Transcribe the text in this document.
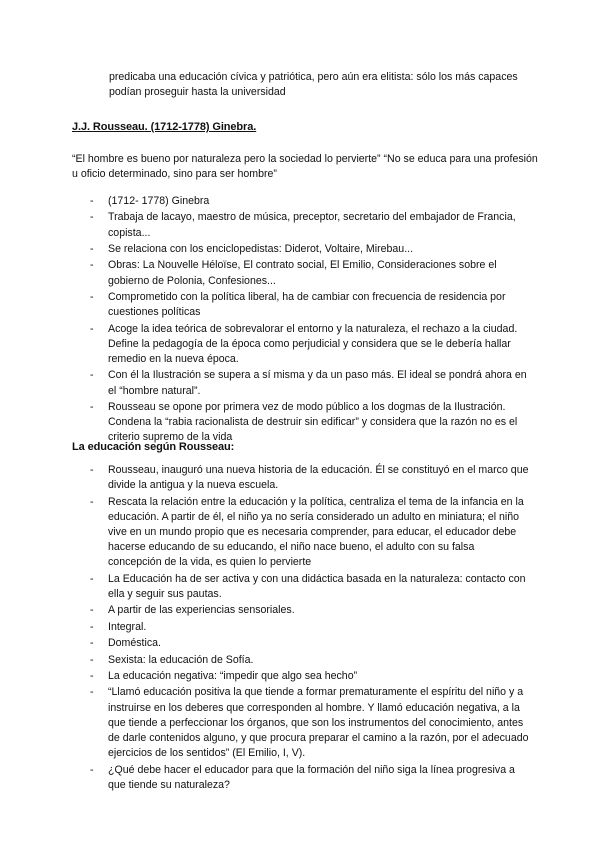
predicaba una educación cívica y patriótica, pero aún era elitista: sólo los más capaces podían proseguir hasta la universidad
J.J. Rousseau. (1712-1778) Ginebra.
“El hombre es bueno por naturaleza pero la sociedad lo pervierte” “No se educa para una profesión u oficio determinado, sino para ser hombre”
- (1712- 1778) Ginebra
- Trabaja de lacayo, maestro de música, preceptor, secretario del embajador de Francia, copista...
- Se relaciona con los enciclopedistas: Diderot, Voltaire, Mirebau...
- Obras: La Nouvelle Héloïse, El contrato social, El Emilio, Consideraciones sobre el gobierno de Polonia, Confesiones...
- Comprometido con la política liberal, ha de cambiar con frecuencia de residencia por cuestiones políticas
- Acoge la idea teórica de sobrevalorar el entorno y la naturaleza, el rechazo a la ciudad. Define la pedagogía de la época como perjudicial y considera que se le debería hallar remedio en la nueva época.
- Con él la Ilustración se supera a sí misma y da un paso más. El ideal se pondrá ahora en el “hombre natural”.
- Rousseau se opone por primera vez de modo público a los dogmas de la Ilustración. Condena la “rabia racionalista de destruir sin edificar” y considera que la razón no es el criterio supremo de la vida
La educación según Rousseau:
- Rousseau, inauguró una nueva historia de la educación. Él se constituyó en el marco que divide la antigua y la nueva escuela.
- Rescata la relación entre la educación y la política, centraliza el tema de la infancia en la educación. A partir de él, el niño ya no sería considerado un adulto en miniatura; el niño vive en un mundo propio que es necesaria comprender, para educar, el educador debe hacerse educando de su educando, el niño nace bueno, el adulto con su falsa concepción de la vida, es quien lo pervierte
- La Educación ha de ser activa y con una didáctica basada en la naturaleza: contacto con ella y seguir sus pautas.
- A partir de las experiencias sensoriales.
- Integral.
- Doméstica.
- Sexista: la educación de Sofía.
- La educación negativa: “impedir que algo sea hecho”
- “Llamó educación positiva la que tiende a formar prematuramente el espíritu del niño y a instruirse en los deberes que corresponden al hombre. Y llamó educación negativa, a la que tiende a perfeccionar los órganos, que son los instrumentos del conocimiento, antes de darle contenidos alguno, y que procura preparar el camino a la razón, por el adecuado ejercicios de los sentidos” (El Emilio, I, V).
- ¿Qué debe hacer el educador para que la formación del niño siga la línea progresiva a que tiende su naturaleza?
